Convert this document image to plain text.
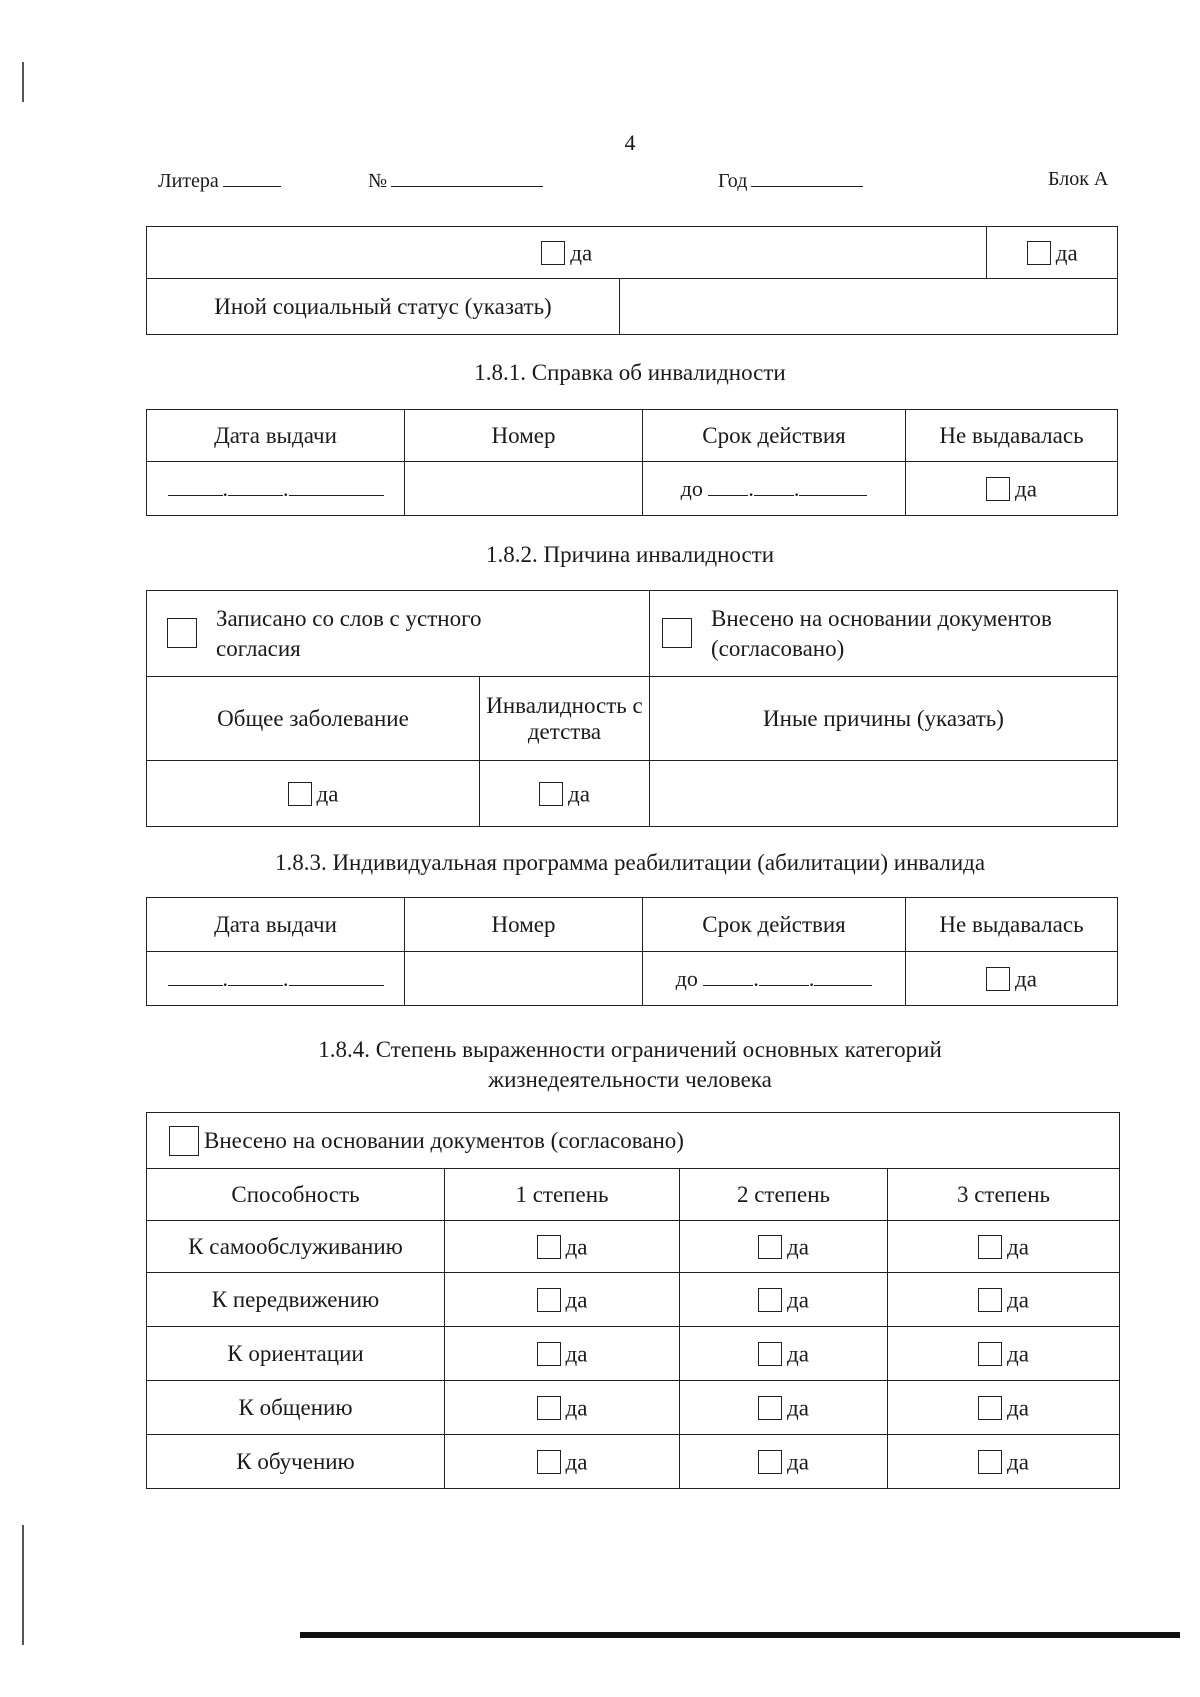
4
Литера	№	Год	Блок А
да		да
Иной социальный статус (указать)		
1.8.1. Справка об инвалидности
Дата выдачи	Номер	Срок действия	Не выдавалась
. .		до . .	да
1.8.2. Причина инвалидности
Записано со слов с устного согласия		Внесено на основании документов (согласовано)

Общее заболевание	Инвалидность с детства	Иные причины (указать)
да	да	
1.8.3. Индивидуальная программа реабилитации (абилитации) инвалида
Дата выдачи	Номер	Срок действия	Не выдавалась
. .		до . .	да
1.8.4. Степень выраженности ограничений основных категорий
жизнедеятельности человека
Внесено на основании документов (согласовано)			
Способность	1 степень	2 степень	3 степень
К самообслуживанию	да	да	да
К передвижению	да	да	да
К ориентации	да	да	да
К общению	да	да	да
К обучению	да	да	да
